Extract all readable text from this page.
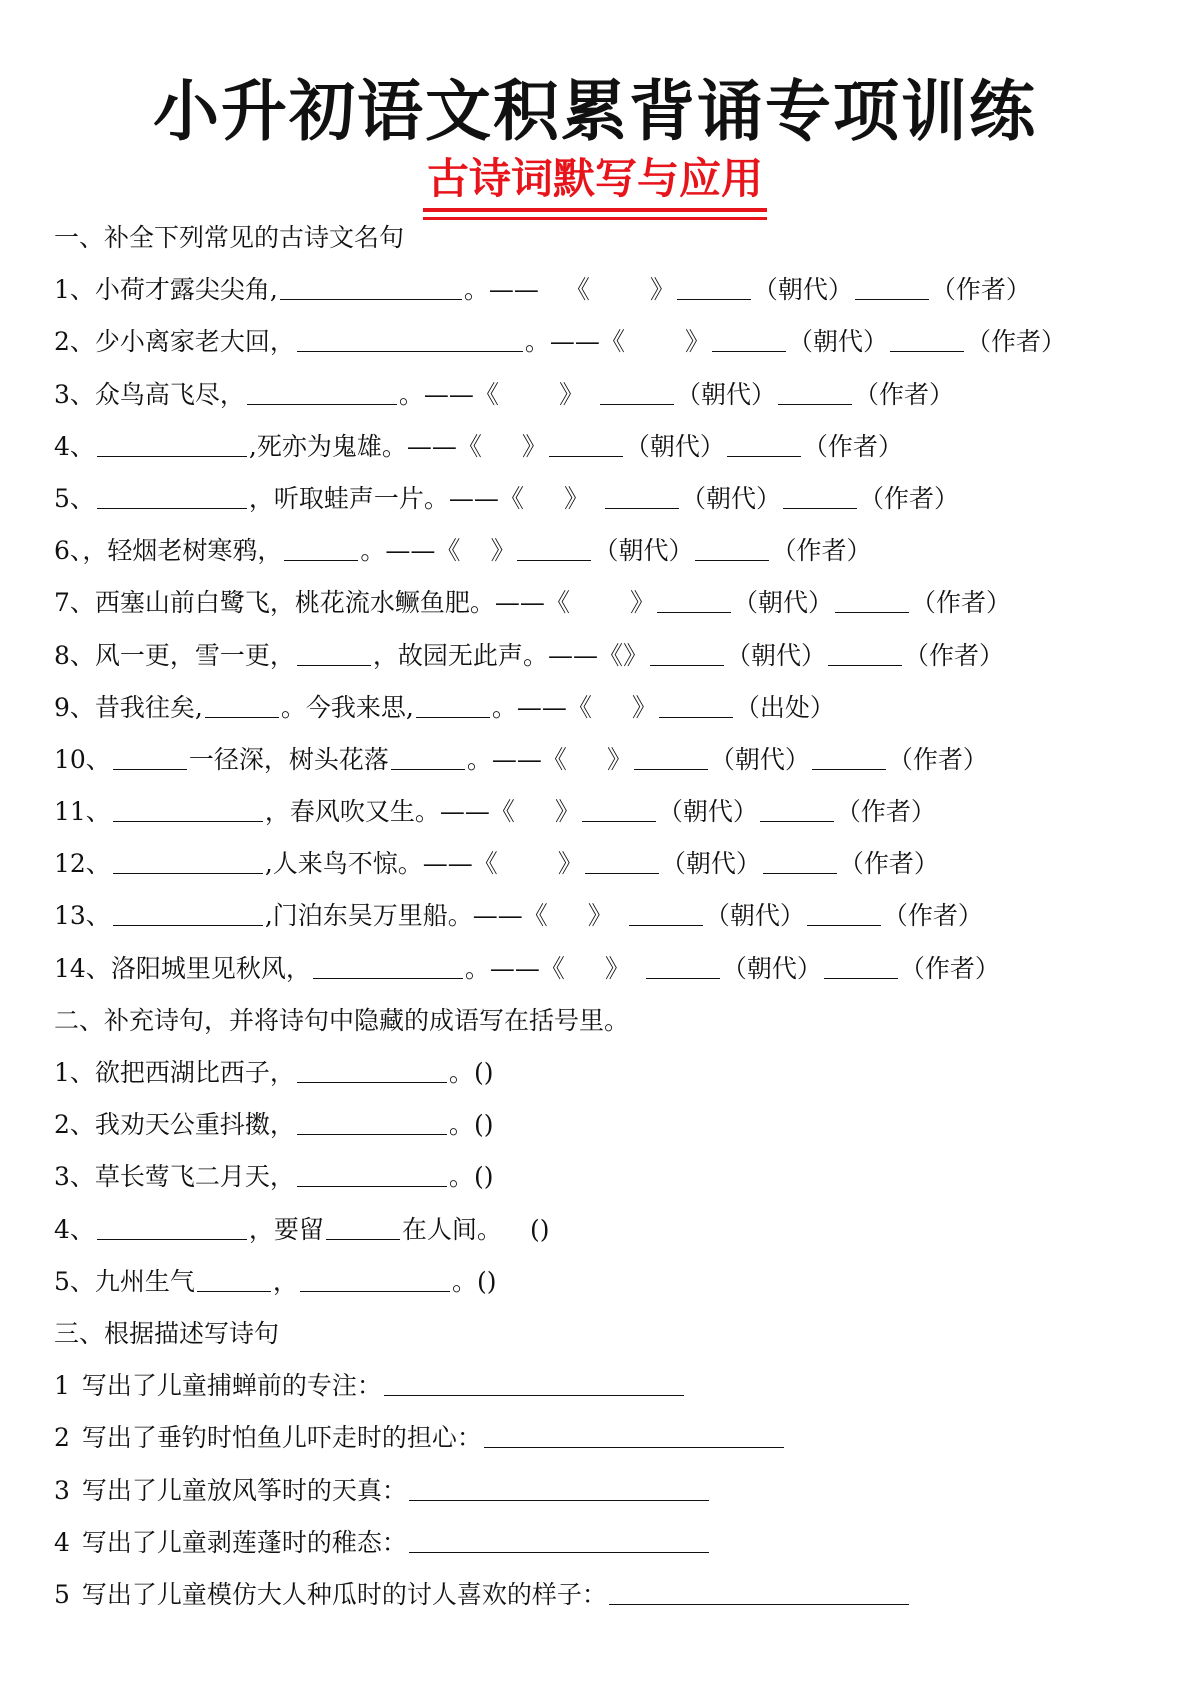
小升初语文积累背诵专项训练
古诗词默写与应用
一、补全下列常见的古诗文名句
1、小荷才露尖尖角,	。—— 《 》	（朝代）	（作者）
2、少小离家老大回，	。——《 》	（朝代）	（作者）
3、众鸟高飞尽，	。——《 》	（朝代）	（作者）
4、	,死亦为鬼雄。——《 》	（朝代）	（作者）
5、	，听取蛙声一片。——《 》	（朝代）	（作者）
6、，轻烟老树寒鸦，	。——《 》	（朝代）	（作者）
7、西塞山前白鹭飞，桃花流水鳜鱼肥。——《 》	（朝代）	（作者）
8、风一更，雪一更，	，故园无此声。——《》	（朝代）	（作者）
9、昔我往矣,	。今我来思,	。——《 》	（出处）
10、	一径深，树头花落	。——《 》	（朝代）	（作者）
11、	，春风吹又生。——《 》	（朝代）	（作者）
12、	,人来鸟不惊。——《 》	（朝代）	（作者）
13、	,门泊东吴万里船。——《 》	（朝代）	（作者）
14、洛阳城里见秋风，	。——《 》	（朝代）	（作者）
二、补充诗句，并将诗句中隐藏的成语写在括号里。
1、欲把西湖比西子，	。()
2、我劝天公重抖擞，	。()
3、草长莺飞二月天，	。()
4、	，要留	在人间。 ()
5、九州生气	，	。()
三、根据描述写诗句
1 写出了儿童捕蝉前的专注：
2 写出了垂钓时怕鱼儿吓走时的担心：
3 写出了儿童放风筝时的天真：
4 写出了儿童剥莲蓬时的稚态：
5 写出了儿童模仿大人种瓜时的讨人喜欢的样子：
